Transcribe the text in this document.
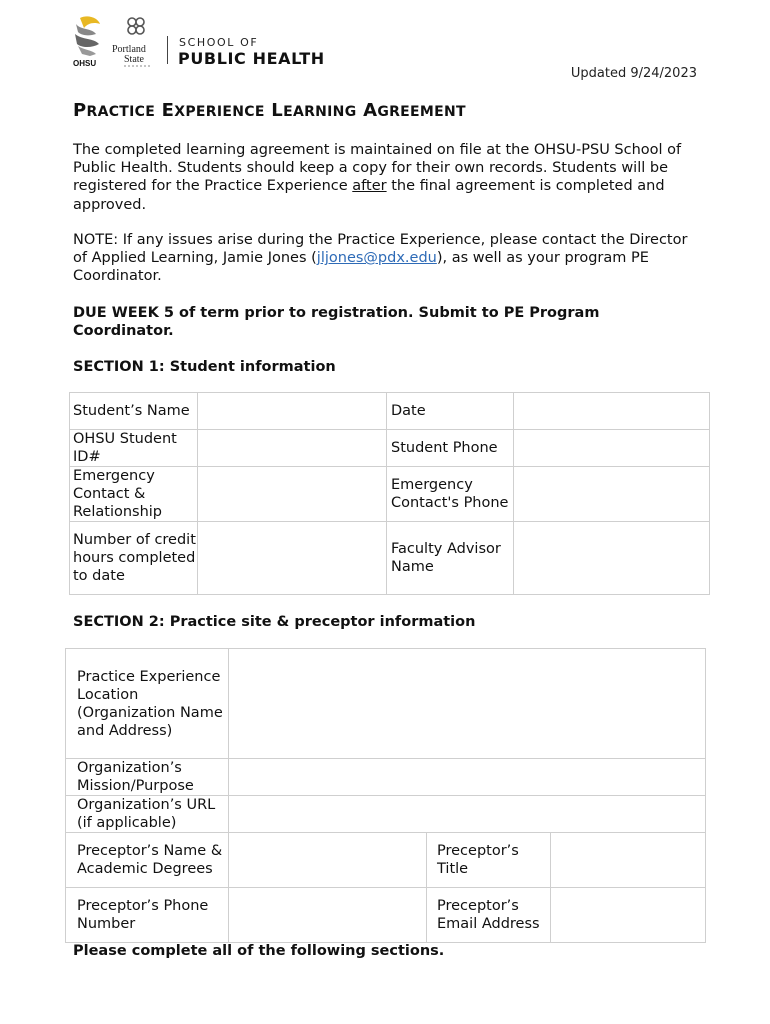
OHSU
Portland
State
SCHOOL OF
PUBLIC HEALTH
Updated 9/24/2023
PRACTICE EXPERIENCE LEARNING AGREEMENT

The completed learning agreement is maintained on file at the OHSU-PSU School of Public Health. Students should keep a copy for their own records. Students will be registered for the Practice Experience after the final agreement is completed and approved.

NOTE: If any issues arise during the Practice Experience, please contact the Director of Applied Learning, Jamie Jones (jljones@pdx.edu), as well as your program PE Coordinator.

DUE WEEK 5 of term prior to registration. Submit to PE Program Coordinator.

SECTION 1: Student information

Student’s Name		Date	
OHSU Student ID#		Student Phone	
Emergency Contact & Relationship		Emergency Contact's Phone	
Number of credit hours completed to date		Faculty Advisor Name	

SECTION 2: Practice site & preceptor information

Practice Experience Location (Organization Name and Address)			
Organization’s Mission/Purpose			
Organization’s URL (if applicable)			
Preceptor’s Name & Academic Degrees		Preceptor’s Title	
Preceptor’s Phone Number		Preceptor’s Email Address	

Please complete all of the following sections.
